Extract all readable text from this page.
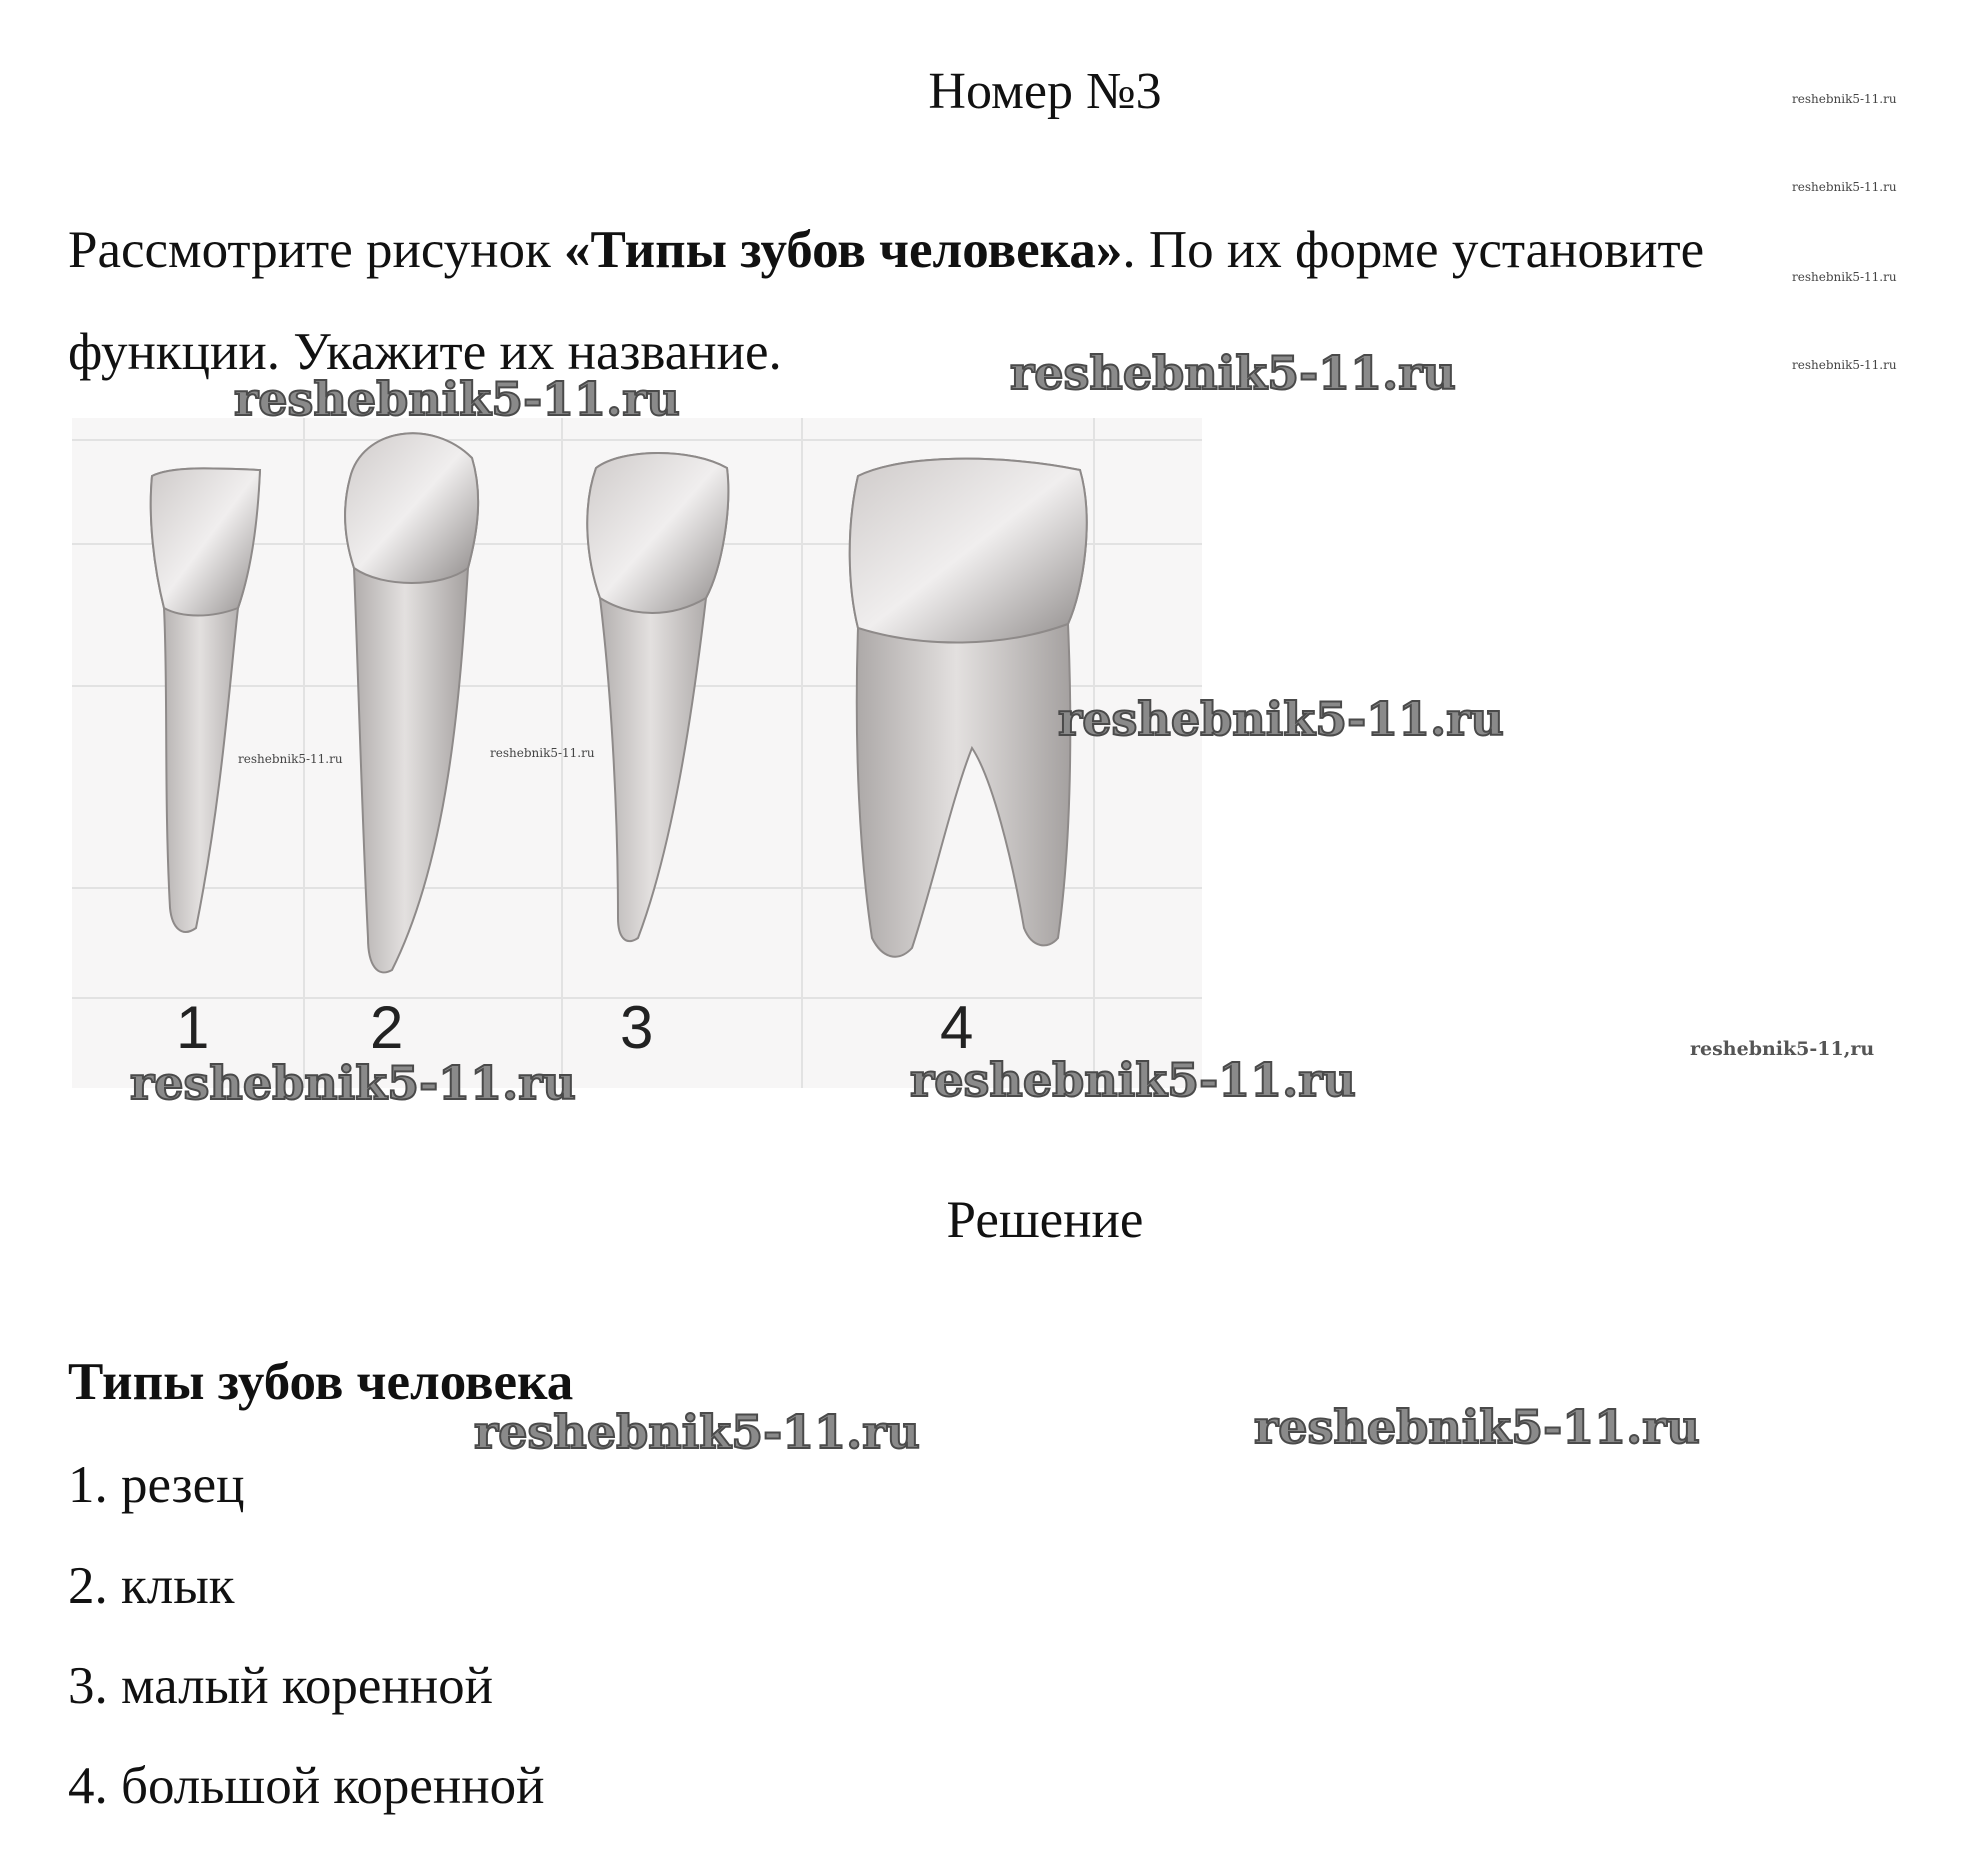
Номер №3
Рассмотрите рисунок «Типы зубов человека». По их форме установите
функции. Укажите их название.
1	2	3	4
Решение
Типы зубов человека
1. резец
2. клык
3. малый коренной
4. большой коренной
reshebnik5-11.ru	reshebnik5-11.ru
reshebnik5-11.ru
reshebnik5-11.ru	reshebnik5-11.ru
reshebnik5-11.ru	reshebnik5-11.ru
reshebnik5-11.ru
reshebnik5-11.ru
reshebnik5-11.ru
reshebnik5-11.ru
reshebnik5-11.ru	reshebnik5-11.ru
reshebnik5-11,ru
